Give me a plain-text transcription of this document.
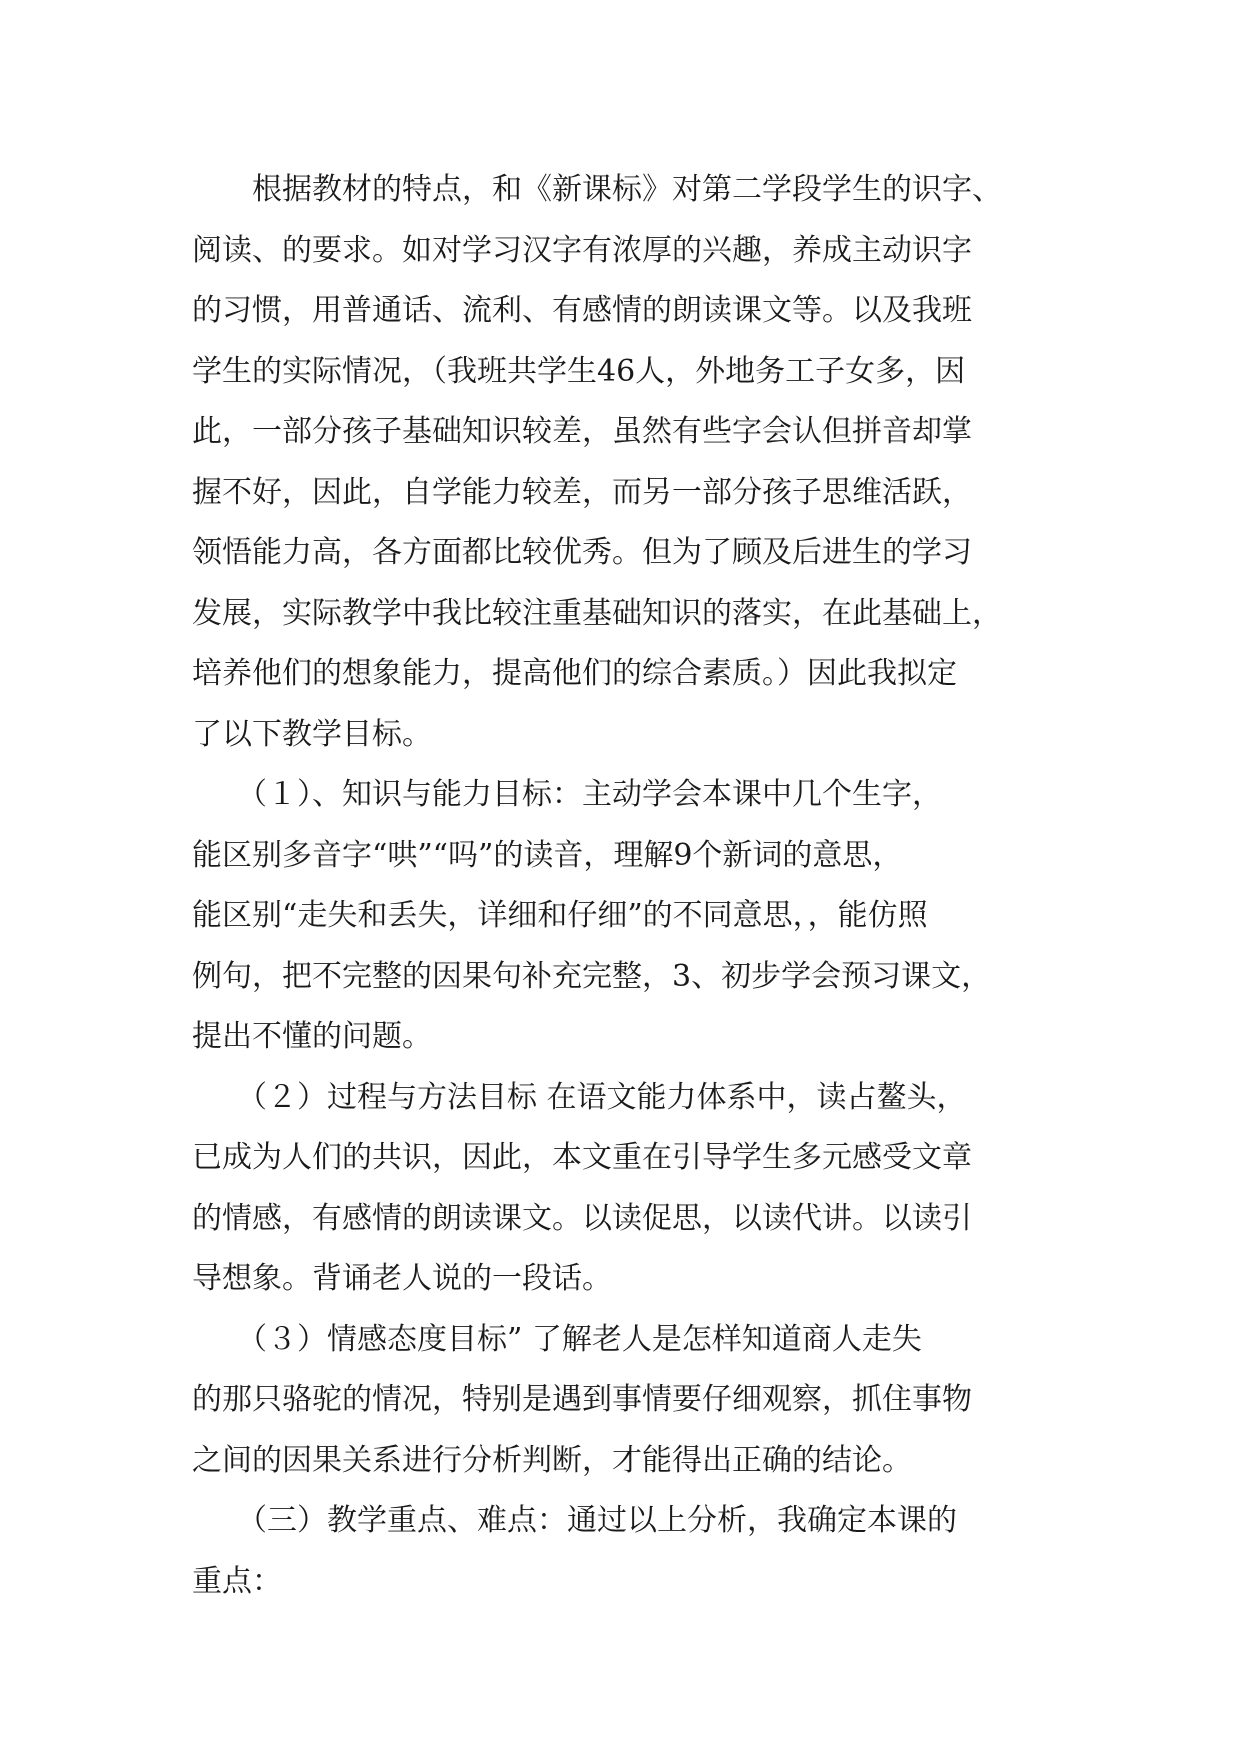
　　根据教材的特点，和《新课标》对第二学段学生的识字、
阅读、的要求。如对学习汉字有浓厚的兴趣，养成主动识字
的习惯，用普通话、流利、有感情的朗读课文等。以及我班
学生的实际情况，（我班共学生46人，外地务工子女多，因
此，一部分孩子基础知识较差，虽然有些字会认但拼音却掌
握不好，因此，自学能力较差，而另一部分孩子思维活跃，
领悟能力高，各方面都比较优秀。但为了顾及后进生的学习
发展，实际教学中我比较注重基础知识的落实，在此基础上，
培养他们的想象能力，提高他们的综合素质。）因此我拟定
了以下教学目标。
　　（１）、知识与能力目标：主动学会本课中几个生字，
能区别多音字“哄”“吗”的读音，理解9个新词的意思，
能区别“走失和丢失，详细和仔细”的不同意思，，能仿照
例句，把不完整的因果句补充完整，3、初步学会预习课文，
提出不懂的问题。
　　（２）过程与方法目标 在语文能力体系中，读占鳌头，
已成为人们的共识，因此，本文重在引导学生多元感受文章
的情感，有感情的朗读课文。以读促思，以读代讲。以读引
导想象。背诵老人说的一段话。
　　（３）情感态度目标” 了解老人是怎样知道商人走失
的那只骆驼的情况，特别是遇到事情要仔细观察，抓住事物
之间的因果关系进行分析判断，才能得出正确的结论。
　　（三）教学重点、难点：通过以上分析，我确定本课的
重点：
